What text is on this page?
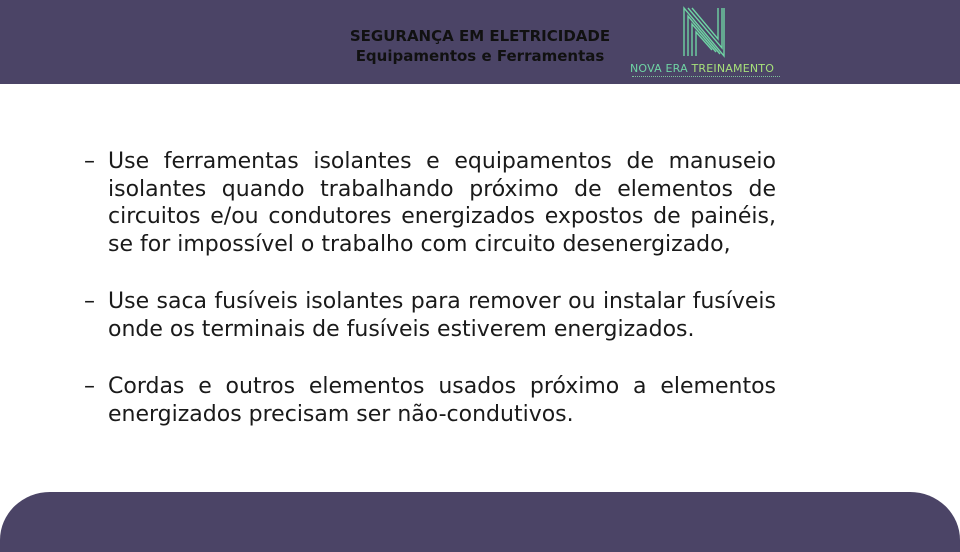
SEGURANÇA EM ELETRICIDADE
Equipamentos e Ferramentas
NOVA ERA TREINAMENTO
– Use ferramentas isolantes e equipamentos de manuseio isolantes quando trabalhando próximo de elementos de circuitos e/ou condutores energizados expostos de painéis, se for impossível o trabalho com circuito desenergizado,
– Use saca fusíveis isolantes para remover ou instalar fusíveis onde os terminais de fusíveis estiverem energizados.
– Cordas e outros elementos usados próximo a elementos energizados precisam ser não-condutivos.
